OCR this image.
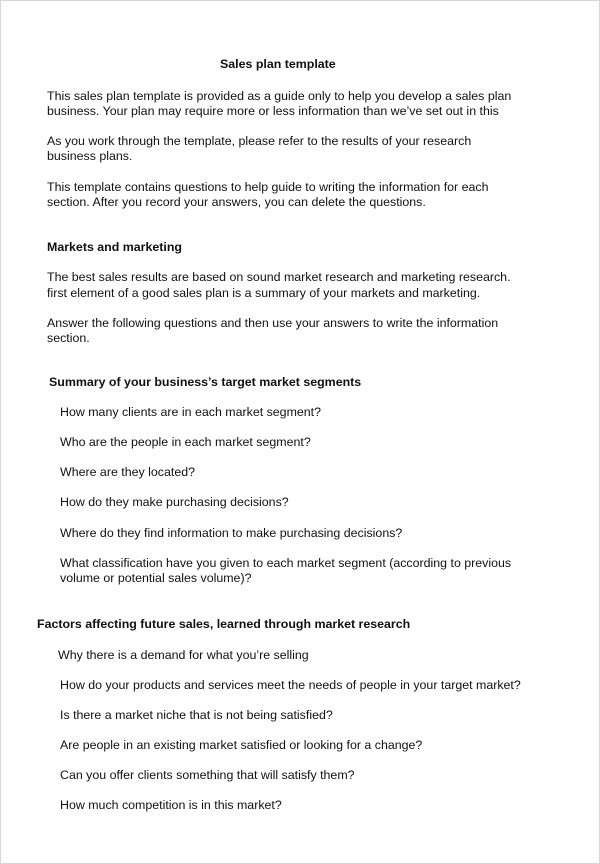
Sales plan template
This sales plan template is provided as a guide only to help you develop a sales plan
business. Your plan may require more or less information than we’ve set out in this
As you work through the template, please refer to the results of your research
business plans.
This template contains questions to help guide to writing the information for each
section. After you record your answers, you can delete the questions.
Markets and marketing
The best sales results are based on sound market research and marketing research.
first element of a good sales plan is a summary of your markets and marketing.
Answer the following questions and then use your answers to write the information
section.
Summary of your business’s target market segments
How many clients are in each market segment?
Who are the people in each market segment?
Where are they located?
How do they make purchasing decisions?
Where do they find information to make purchasing decisions?
What classification have you given to each market segment (according to previous
volume or potential sales volume)?
Factors affecting future sales, learned through market research
Why there is a demand for what you’re selling
How do your products and services meet the needs of people in your target market?
Is there a market niche that is not being satisfied?
Are people in an existing market satisfied or looking for a change?
Can you offer clients something that will satisfy them?
How much competition is in this market?
